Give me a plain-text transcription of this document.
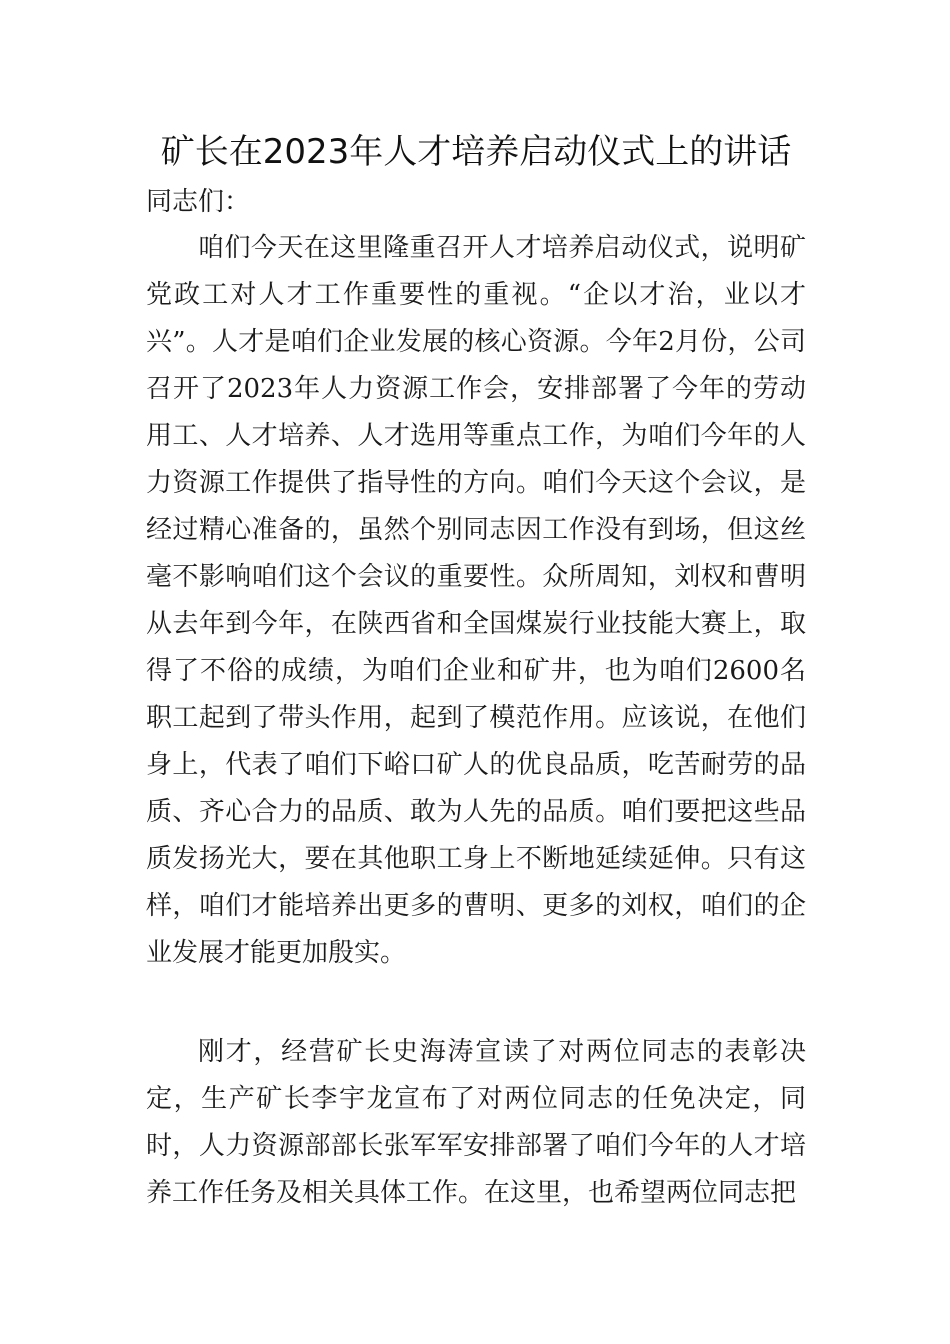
矿长在2023年人才培养启动仪式上的讲话
同志们：

咱们今天在这里隆重召开人才培养启动仪式，说明矿党政工对人才工作重要性的重视。“企以才治，业以才兴”。人才是咱们企业发展的核心资源。今年2月份，公司召开了2023年人力资源工作会，安排部署了今年的劳动用工、人才培养、人才选用等重点工作，为咱们今年的人力资源工作提供了指导性的方向。咱们今天这个会议，是经过精心准备的，虽然个别同志因工作没有到场，但这丝毫不影响咱们这个会议的重要性。众所周知，刘权和曹明从去年到今年，在陕西省和全国煤炭行业技能大赛上，取得了不俗的成绩，为咱们企业和矿井，也为咱们2600名职工起到了带头作用，起到了模范作用。应该说，在他们身上，代表了咱们下峪口矿人的优良品质，吃苦耐劳的品质、齐心合力的品质、敢为人先的品质。咱们要把这些品质发扬光大，要在其他职工身上不断地延续延伸。只有这样，咱们才能培养出更多的曹明、更多的刘权，咱们的企业发展才能更加殷实。

刚才，经营矿长史海涛宣读了对两位同志的表彰决定，生产矿长李宇龙宣布了对两位同志的任免决定，同时，人力资源部部长张军军安排部署了咱们今年的人才培养工作任务及相关具体工作。在这里，也希望两位同志把
